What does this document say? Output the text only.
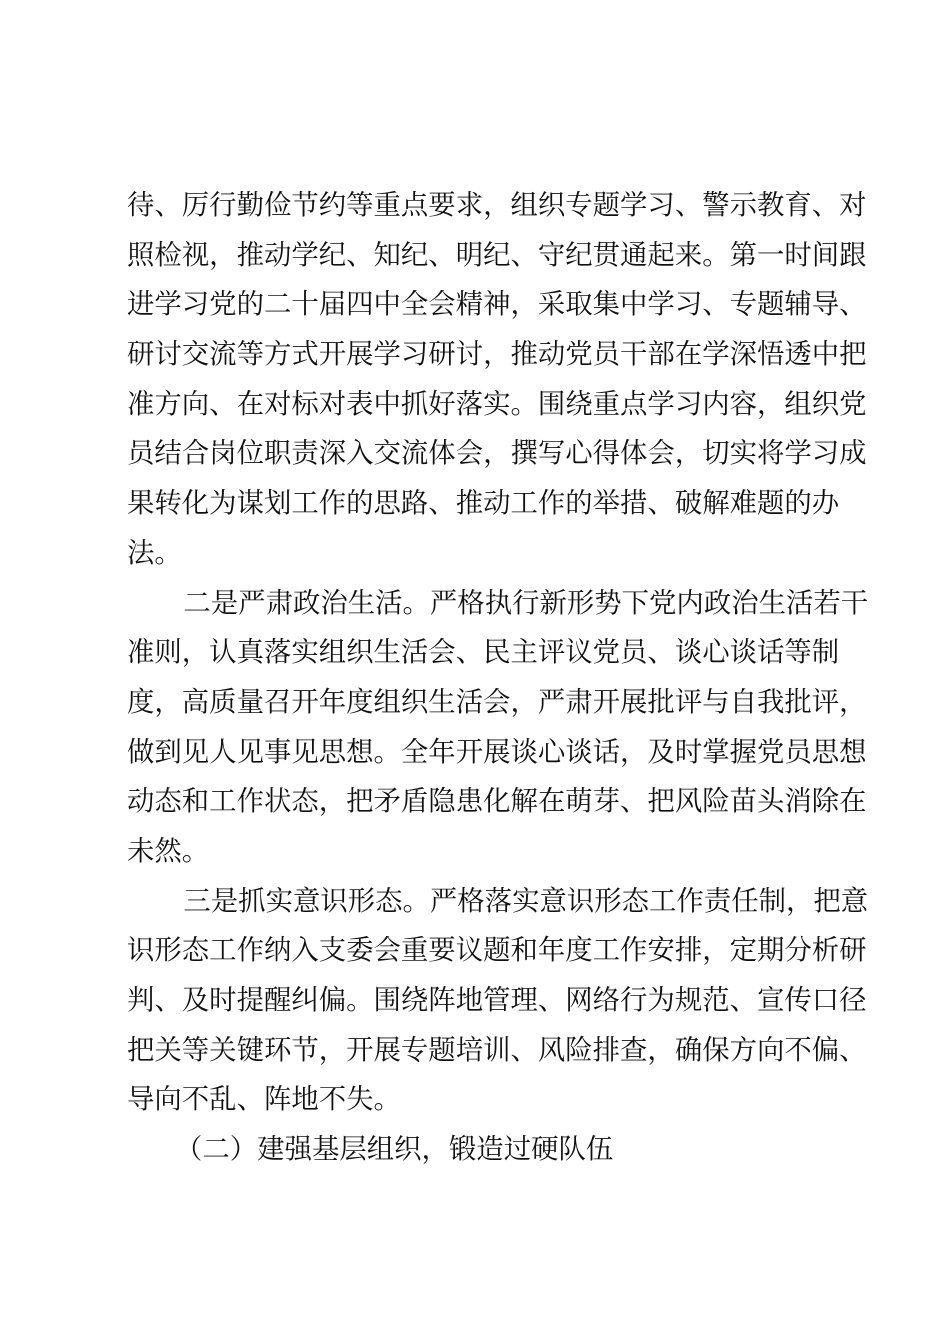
待、厉行勤俭节约等重点要求，组织专题学习、警示教育、对
照检视，推动学纪、知纪、明纪、守纪贯通起来。第一时间跟
进学习党的二十届四中全会精神，采取集中学习、专题辅导、
研讨交流等方式开展学习研讨，推动党员干部在学深悟透中把
准方向、在对标对表中抓好落实。围绕重点学习内容，组织党
员结合岗位职责深入交流体会，撰写心得体会，切实将学习成
果转化为谋划工作的思路、推动工作的举措、破解难题的办
法。
二是严肃政治生活。严格执行新形势下党内政治生活若干
准则，认真落实组织生活会、民主评议党员、谈心谈话等制
度，高质量召开年度组织生活会，严肃开展批评与自我批评，
做到见人见事见思想。全年开展谈心谈话，及时掌握党员思想
动态和工作状态，把矛盾隐患化解在萌芽、把风险苗头消除在
未然。
三是抓实意识形态。严格落实意识形态工作责任制，把意
识形态工作纳入支委会重要议题和年度工作安排，定期分析研
判、及时提醒纠偏。围绕阵地管理、网络行为规范、宣传口径
把关等关键环节，开展专题培训、风险排查，确保方向不偏、
导向不乱、阵地不失。
（二）建强基层组织，锻造过硬队伍
